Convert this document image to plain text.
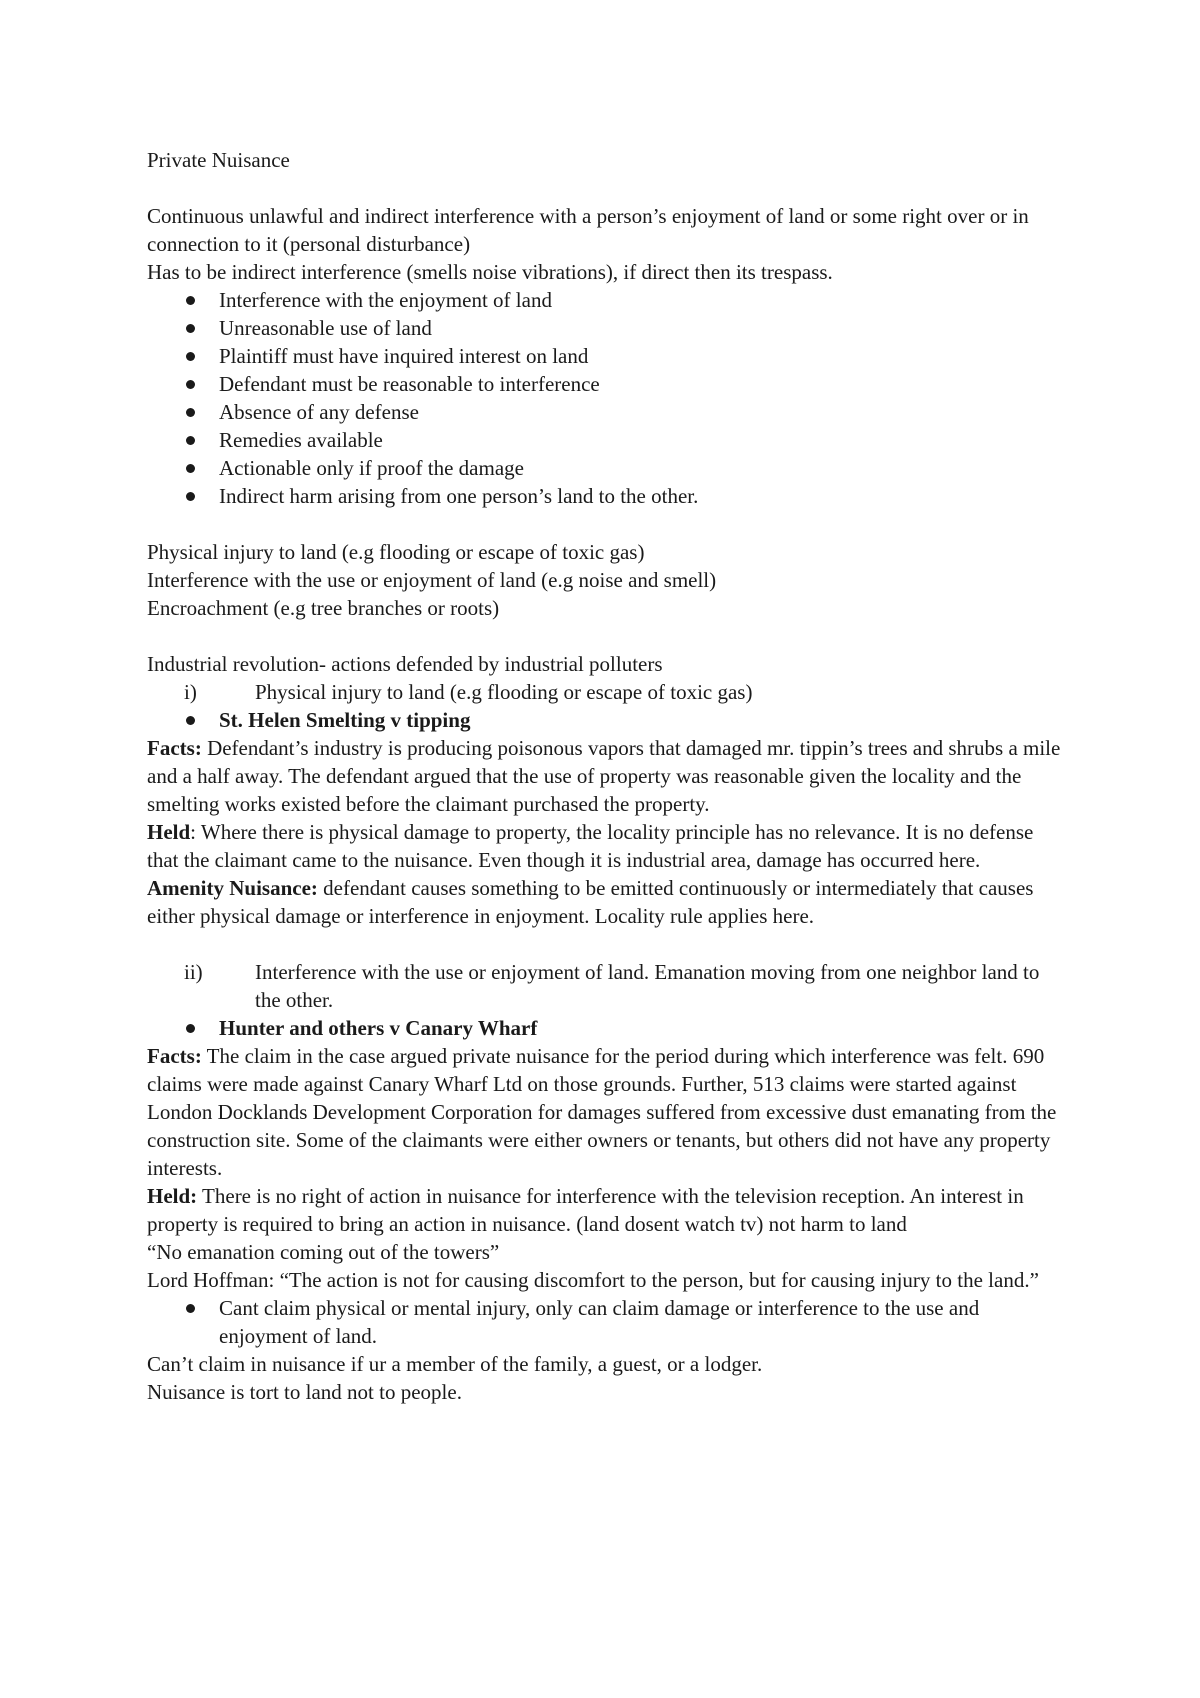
Private Nuisance

Continuous unlawful and indirect interference with a person’s enjoyment of land or some right over or in connection to it (personal disturbance)

Has to be indirect interference (smells noise vibrations), if direct then its trespass.

Interference with the enjoyment of land
Unreasonable use of land
Plaintiff must have inquired interest on land
Defendant must be reasonable to interference
Absence of any defense
Remedies available
Actionable only if proof the damage
Indirect harm arising from one person’s land to the other.

Physical injury to land (e.g flooding or escape of toxic gas)

Interference with the use or enjoyment of land (e.g noise and smell)

Encroachment (e.g tree branches or roots)

Industrial revolution- actions defended by industrial polluters

i)	Physical injury to land (e.g flooding or escape of toxic gas)

St. Helen Smelting v tipping

Facts: Defendant’s industry is producing poisonous vapors that damaged mr. tippin’s trees and shrubs a mile and a half away. The defendant argued that the use of property was reasonable given the locality and the smelting works existed before the claimant purchased the property.

Held: Where there is physical damage to property, the locality principle has no relevance. It is no defense that the claimant came to the nuisance. Even though it is industrial area, damage has occurred here.

Amenity Nuisance: defendant causes something to be emitted continuously or intermediately that causes either physical damage or interference in enjoyment. Locality rule applies here.

ii) Interference with the use or enjoyment of land. Emanation moving from one neighbor land to the other.

Hunter and others v Canary Wharf

Facts: The claim in the case argued private nuisance for the period during which interference was felt. 690 claims were made against Canary Wharf Ltd on those grounds. Further, 513 claims were started against London Docklands Development Corporation for damages suffered from excessive dust emanating from the construction site. Some of the claimants were either owners or tenants, but others did not have any property interests.

Held: There is no right of action in nuisance for interference with the television reception. An interest in property is required to bring an action in nuisance. (land dosent watch tv) not harm to land

“No emanation coming out of the towers”

Lord Hoffman: “The action is not for causing discomfort to the person, but for causing injury to the land.”

Cant claim physical or mental injury, only can claim damage or interference to the use and enjoyment of land.

Can’t claim in nuisance if ur a member of the family, a guest, or a lodger.

Nuisance is tort to land not to people.
